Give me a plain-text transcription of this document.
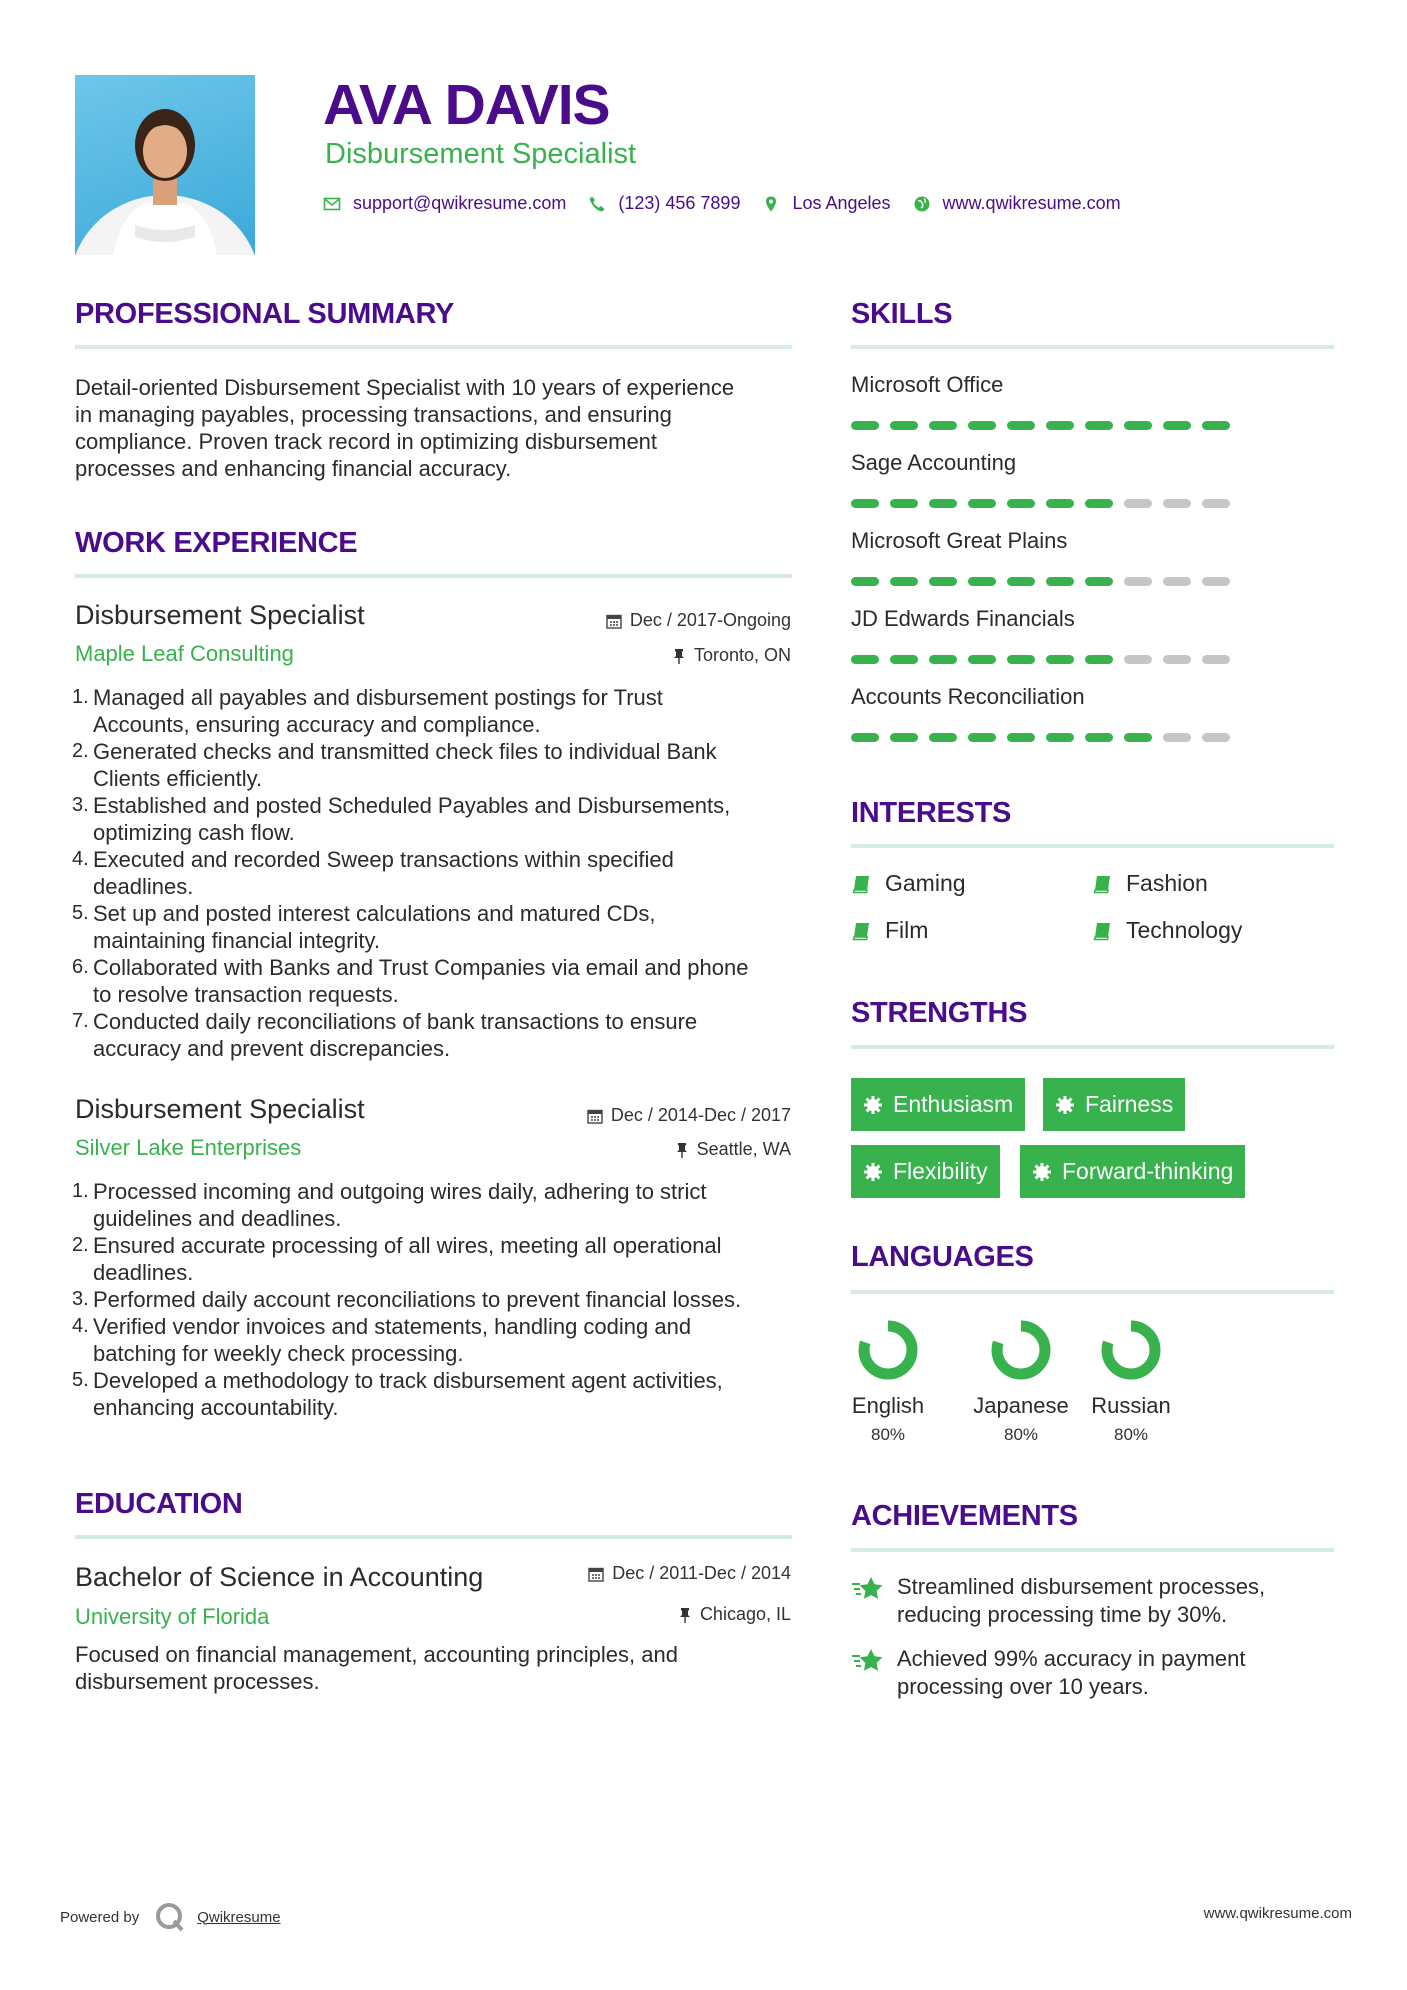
AVA DAVIS
Disbursement Specialist
support@qwikresume.com	(123) 456 7899	Los Angeles	www.qwikresume.com
PROFESSIONAL SUMMARY
Detail-oriented Disbursement Specialist with 10 years of experience
in managing payables, processing transactions, and ensuring
compliance. Proven track record in optimizing disbursement
processes and enhancing financial accuracy.
WORK EXPERIENCE
Disbursement Specialist
Maple Leaf Consulting
Dec / 2017-Ongoing
Toronto, ON
1. Managed all payables and disbursement postings for Trust
Accounts, ensuring accuracy and compliance.
2. Generated checks and transmitted check files to individual Bank
Clients efficiently.
3. Established and posted Scheduled Payables and Disbursements,
optimizing cash flow.
4. Executed and recorded Sweep transactions within specified
deadlines.
5. Set up and posted interest calculations and matured CDs,
maintaining financial integrity.
6. Collaborated with Banks and Trust Companies via email and phone
to resolve transaction requests.
7. Conducted daily reconciliations of bank transactions to ensure
accuracy and prevent discrepancies.
Disbursement Specialist
Silver Lake Enterprises
Dec / 2014-Dec / 2017
Seattle, WA
1. Processed incoming and outgoing wires daily, adhering to strict
guidelines and deadlines.
2. Ensured accurate processing of all wires, meeting all operational
deadlines.
3. Performed daily account reconciliations to prevent financial losses.
4. Verified vendor invoices and statements, handling coding and
batching for weekly check processing.
5. Developed a methodology to track disbursement agent activities,
enhancing accountability.
EDUCATION
Bachelor of Science in Accounting
University of Florida
Dec / 2011-Dec / 2014
Chicago, IL
Focused on financial management, accounting principles, and
disbursement processes.
SKILLS
Microsoft Office
Sage Accounting
Microsoft Great Plains
JD Edwards Financials
Accounts Reconciliation
INTERESTS
Gaming	Fashion
Film	Technology
STRENGTHS
Enthusiasm	Fairness
Flexibility	Forward-thinking
LANGUAGES
English
80%
Japanese
80%
Russian
80%
ACHIEVEMENTS
Streamlined disbursement processes,
reducing processing time by 30%.
Achieved 99% accuracy in payment
processing over 10 years.
Powered by	Qwikresume	www.qwikresume.com
